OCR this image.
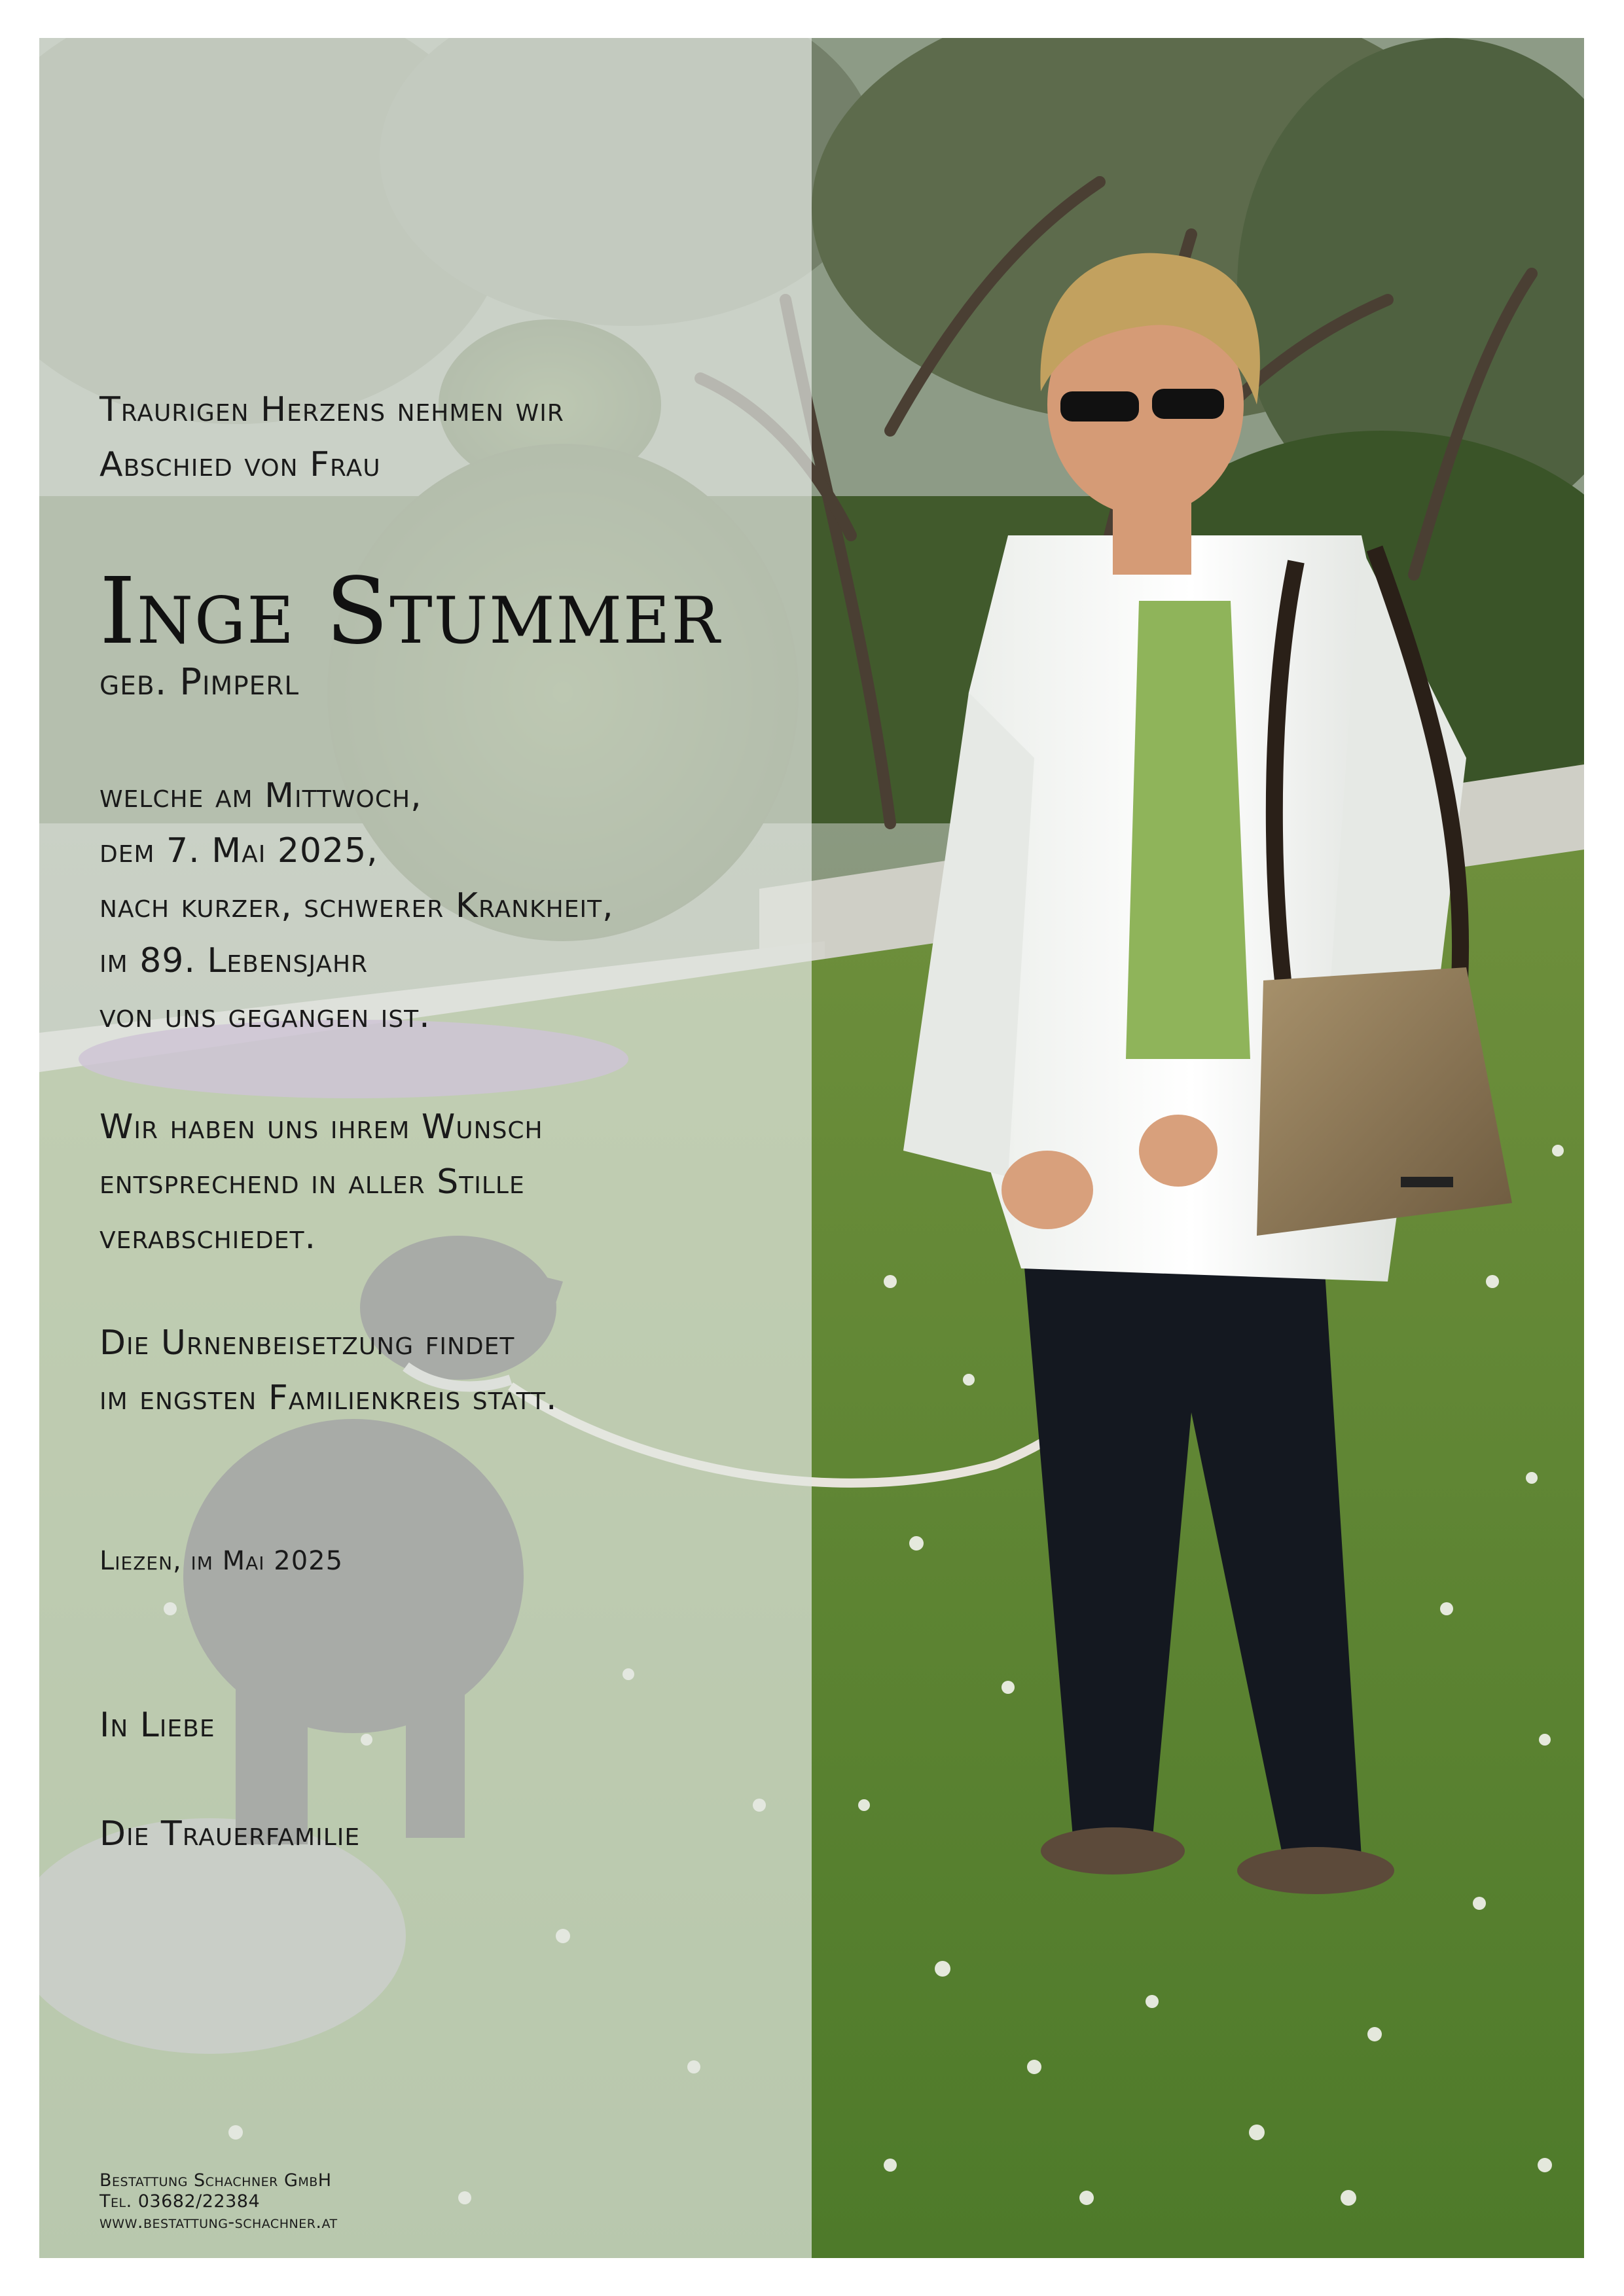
Traurigen Herzens nehmen wir
Abschied von Frau
Inge Stummer
geb. Pimperl
welche am Mittwoch,
dem 7. Mai 2025,
nach kurzer, schwerer Krankheit,
im 89. Lebensjahr
von uns gegangen ist.
Wir haben uns ihrem Wunsch
entsprechend in aller Stille
verabschiedet.
Die Urnenbeisetzung findet
im engsten Familienkreis statt.
Liezen, im Mai 2025
In Liebe
Die Trauerfamilie
Bestattung Schachner GmbH
Tel. 03682/22384
www.bestattung-schachner.at
